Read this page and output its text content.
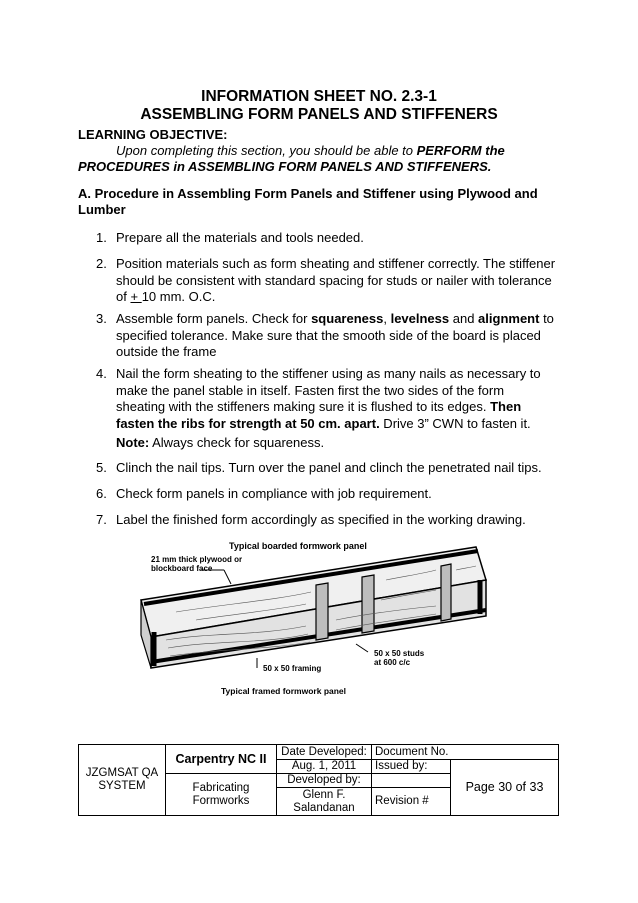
INFORMATION SHEET NO. 2.3-1
ASSEMBLING FORM PANELS AND STIFFENERS
LEARNING OBJECTIVE:
Upon completing this section, you should be able to PERFORM the PROCEDURES in ASSEMBLING FORM PANELS AND STIFFENERS.
A. Procedure in Assembling Form Panels and Stiffener using Plywood and Lumber
1. Prepare all the materials and tools needed.
2. Position materials such as form sheating and stiffener correctly. The stiffener should be consistent with standard spacing for studs or nailer with tolerance of + 10 mm. O.C.
3. Assemble form panels. Check for squareness, levelness and alignment to specified tolerance. Make sure that the smooth side of the board is placed outside the frame
4. Nail the form sheating to the stiffener using as many nails as necessary to make the panel stable in itself. Fasten first the two sides of the form sheating with the stiffeners making sure it is flushed to its edges. Then fasten the ribs for strength at 50 cm. apart. Drive 3” CWN to fasten it.
Note: Always check for squareness.
5. Clinch the nail tips. Turn over the panel and clinch the penetrated nail tips.
6. Check form panels in compliance with job requirement.
7. Label the finished form accordingly as specified in the working drawing.
Typical boarded formwork panel
21 mm thick plywood or
blockboard face
50 x 50 studs
at 600 c/c
50 x 50 framing
Typical framed formwork panel
JZGMSAT QA SYSTEM	Carpentry NC II	Date Developed:	Document No.	
		Aug. 1, 2011	Issued by:	Page 30 of 33
	Fabricating Formworks	Developed by:		
		Glenn F. Salandanan	Revision #	
